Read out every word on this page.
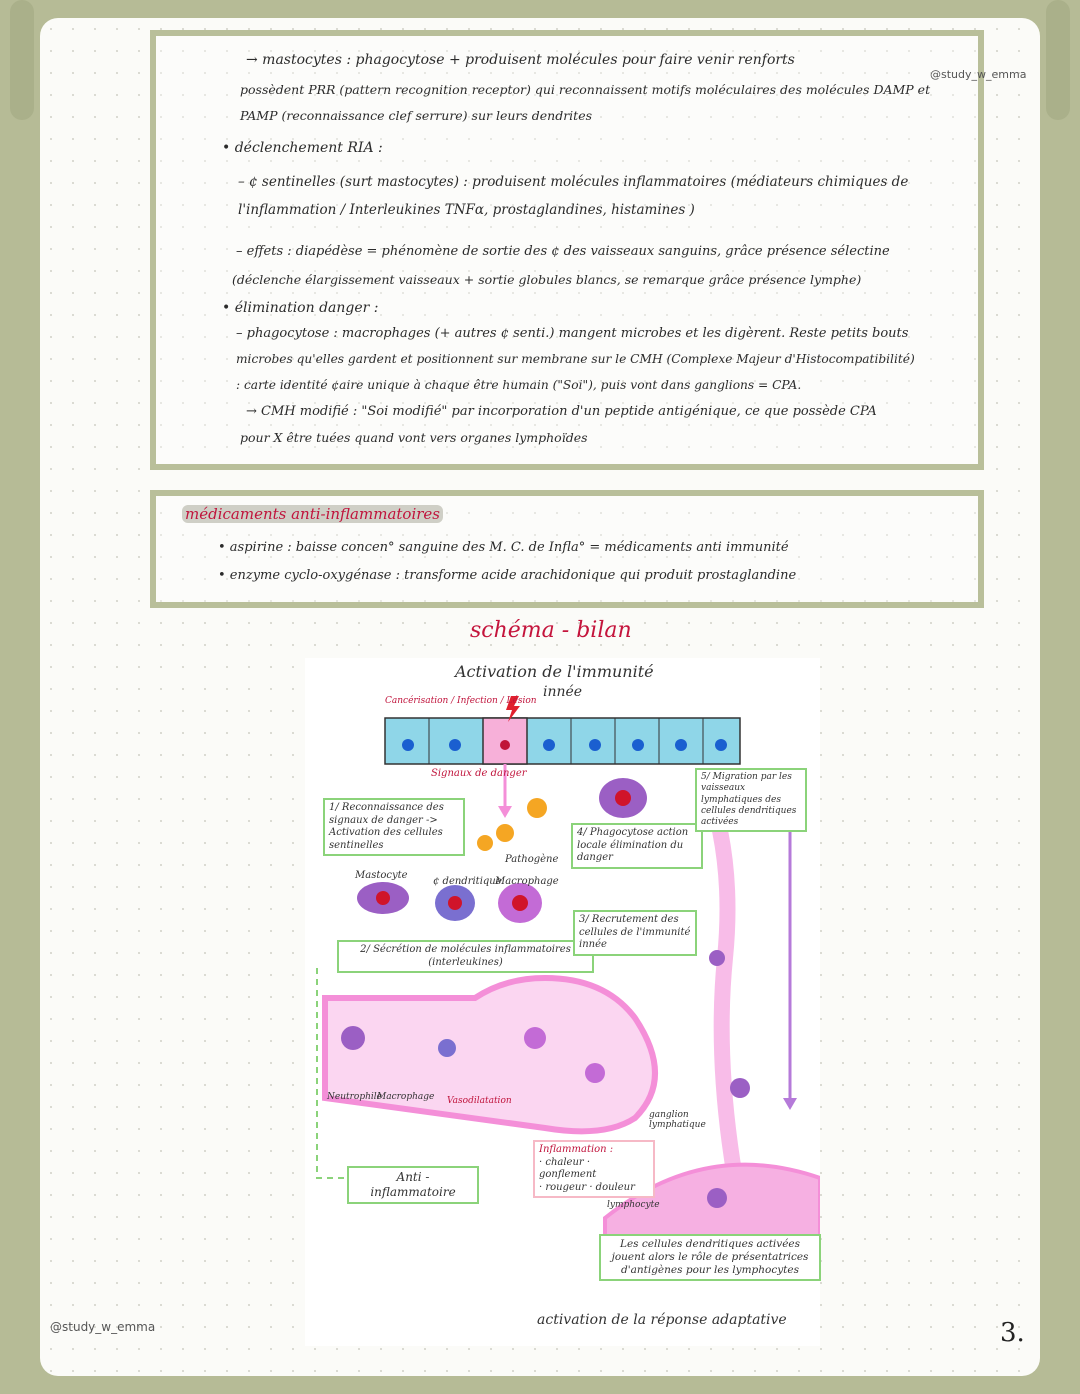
@study_w_emma
→ mastocytes : phagocytose + produisent molécules pour faire venir renforts
possèdent PRR (pattern recognition receptor) qui reconnaissent motifs moléculaires des molécules DAMP et
PAMP (reconnaissance clef serrure) sur leurs dendrites
• déclenchement RIA :
– ¢ sentinelles (surt mastocytes) : produisent molécules inflammatoires (médiateurs chimiques de
l'inflammation / Interleukines TNFα, prostaglandines, histamines )
– effets : diapédèse = phénomène de sortie des ¢ des vaisseaux sanguins, grâce présence sélectine
(déclenche élargissement vaisseaux + sortie globules blancs, se remarque grâce présence lymphe)
• élimination danger :
– phagocytose : macrophages (+ autres ¢ senti.) mangent microbes et les digèrent. Reste petits bouts
microbes qu'elles gardent et positionnent sur membrane sur le CMH (Complexe Majeur d'Histocompatibilité)
: carte identité ¢aire unique à chaque être humain ("Soi"), puis vont dans ganglions = CPA.
→ CMH modifié : "Soi modifié" par incorporation d'un peptide antigénique, ce que possède CPA
pour X être tuées quand vont vers organes lymphoïdes
médicaments anti-inflammatoires
• aspirine : baisse concen° sanguine des M. C. de Infla° = médicaments anti immunité
• enzyme cyclo-oxygénase : transforme acide arachidonique qui produit prostaglandine
schéma - bilan
Activation de l'immunité
innée
Cancérisation / Infection / Lésion
Signaux de danger
1/ Reconnaissance des signaux de danger -> Activation des cellules sentinelles
Pathogène
Mastocyte
¢ dendritique
Macrophage
2/ Sécrétion de molécules inflammatoires
(interleukines)
3/ Recrutement des cellules de l'immunité innée
4/ Phagocytose action locale élimination du danger
5/ Migration par les vaisseaux lymphatiques des cellules dendritiques activées
Neutrophile
Macrophage Vasodilatation
ganglion lymphatique
Inflammation :
· chaleur · gonflement
· rougeur · douleur
lymphocyte
Anti - inflammatoire
Les cellules dendritiques activées jouent alors le rôle de présentatrices d'antigènes pour les lymphocytes
activation de la réponse adaptative
@study_w_emma	3.
